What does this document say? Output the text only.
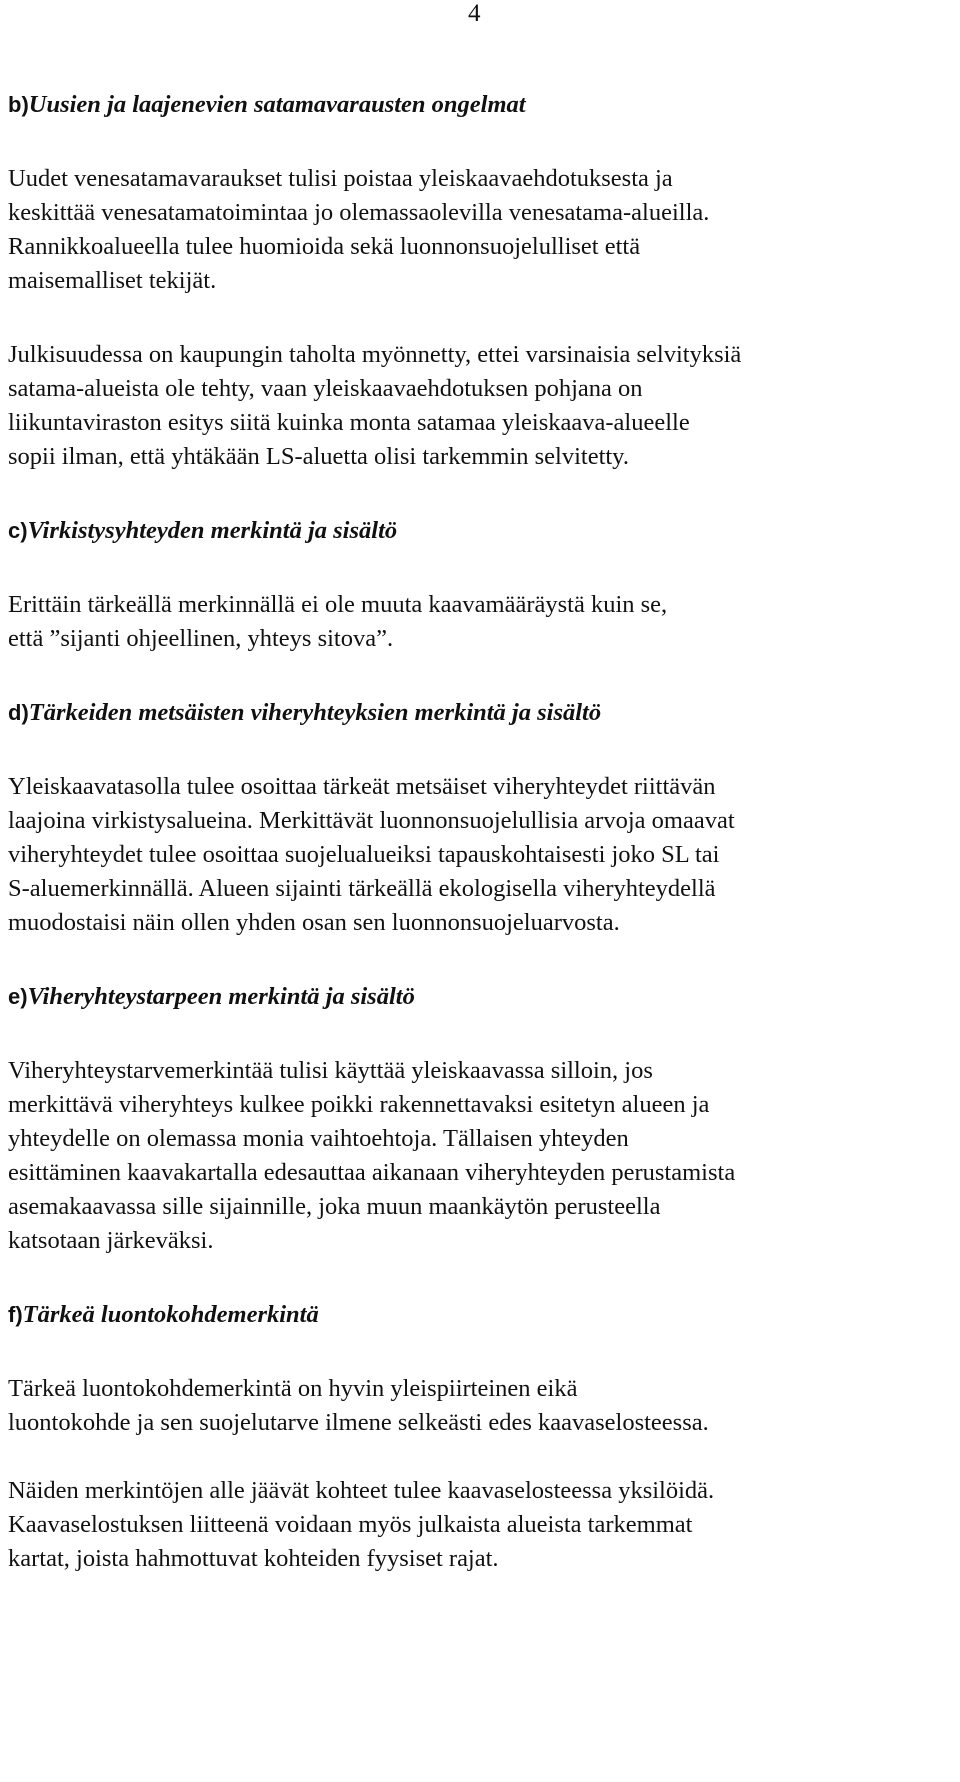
4
b)Uusien ja laajenevien satamavarausten ongelmat
Uudet venesatamavaraukset tulisi poistaa yleiskaavaehdotuksesta ja
keskittää venesatamatoimintaa jo olemassaolevilla venesatama-alueilla.
Rannikkoalueella tulee huomioida sekä luonnonsuojelulliset että
maisemalliset tekijät.
Julkisuudessa on kaupungin taholta myönnetty, ettei varsinaisia selvityksiä
satama-alueista ole tehty, vaan yleiskaavaehdotuksen pohjana on
liikuntaviraston esitys siitä kuinka monta satamaa yleiskaava-alueelle
sopii ilman, että yhtäkään LS-aluetta olisi tarkemmin selvitetty.
c)Virkistysyhteyden merkintä ja sisältö
Erittäin tärkeällä merkinnällä ei ole muuta kaavamääräystä kuin se,
että ”sijanti ohjeellinen, yhteys sitova”.
d)Tärkeiden metsäisten viheryhteyksien merkintä ja sisältö
Yleiskaavatasolla tulee osoittaa tärkeät metsäiset viheryhteydet riittävän
laajoina virkistysalueina. Merkittävät luonnonsuojelullisia arvoja omaavat
viheryhteydet tulee osoittaa suojelualueiksi tapauskohtaisesti joko SL tai
S-aluemerkinnällä. Alueen sijainti tärkeällä ekologisella viheryhteydellä
muodostaisi näin ollen yhden osan sen luonnonsuojeluarvosta.
e)Viheryhteystarpeen merkintä ja sisältö
Viheryhteystarvemerkintää tulisi käyttää yleiskaavassa silloin, jos
merkittävä viheryhteys kulkee poikki rakennettavaksi esitetyn alueen ja
yhteydelle on olemassa monia vaihtoehtoja. Tällaisen yhteyden
esittäminen kaavakartalla edesauttaa aikanaan viheryhteyden perustamista
asemakaavassa sille sijainnille, joka muun maankäytön perusteella
katsotaan järkeväksi.
f)Tärkeä luontokohdemerkintä
Tärkeä luontokohdemerkintä on hyvin yleispiirteinen eikä
luontokohde ja sen suojelutarve ilmene selkeästi edes kaavaselosteessa.
Näiden merkintöjen alle jäävät kohteet tulee kaavaselosteessa yksilöidä.
Kaavaselostuksen liitteenä voidaan myös julkaista alueista tarkemmat
kartat, joista hahmottuvat kohteiden fyysiset rajat.
